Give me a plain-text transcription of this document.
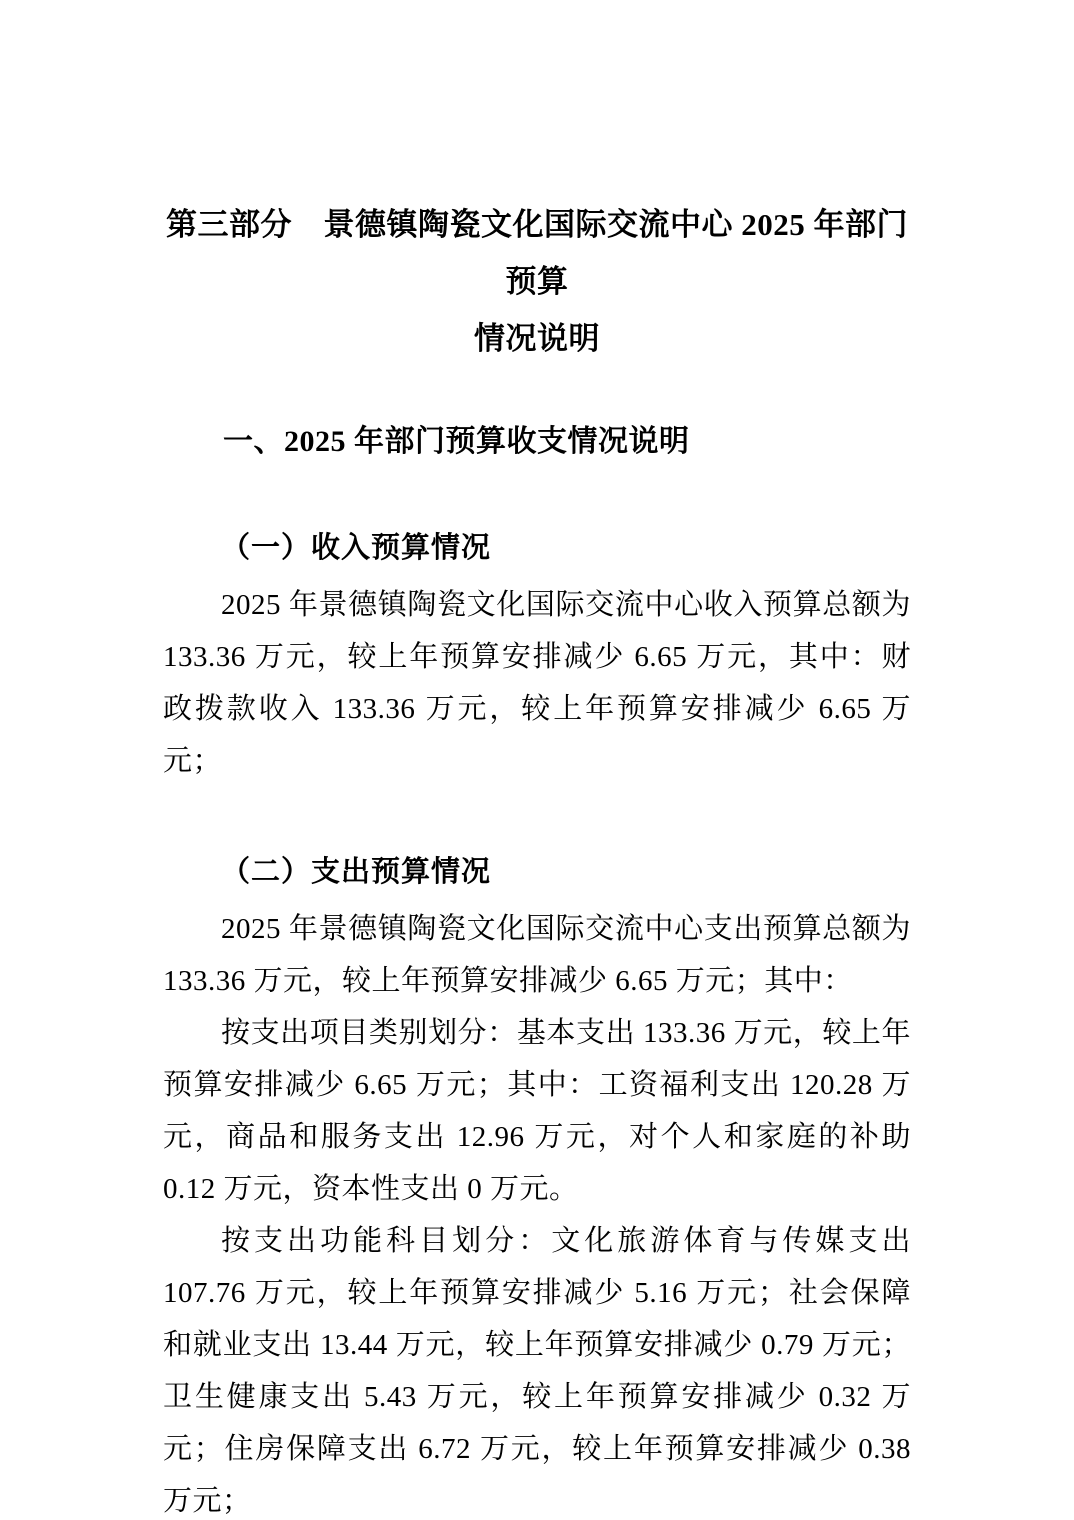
第三部分　景德镇陶瓷文化国际交流中心 2025 年部门预算
情况说明
一、2025 年部门预算收支情况说明
（一）收入预算情况

2025 年景德镇陶瓷文化国际交流中心收入预算总额为 133.36 万元，较上年预算安排减少 6.65 万元，其中：财政拨款收入 133.36 万元，较上年预算安排减少 6.65 万元；

（二）支出预算情况

2025 年景德镇陶瓷文化国际交流中心支出预算总额为 133.36 万元，较上年预算安排减少 6.65 万元；其中：

按支出项目类别划分：基本支出 133.36 万元，较上年预算安排减少 6.65 万元；其中：工资福利支出 120.28 万元，商品和服务支出 12.96 万元，对个人和家庭的补助 0.12 万元，资本性支出 0 万元。

按支出功能科目划分：文化旅游体育与传媒支出 107.76 万元，较上年预算安排减少 5.16 万元；社会保障和就业支出 13.44 万元，较上年预算安排减少 0.79 万元；卫生健康支出 5.43 万元，较上年预算安排减少 0.32 万元；住房保障支出 6.72 万元，较上年预算安排减少 0.38 万元；
